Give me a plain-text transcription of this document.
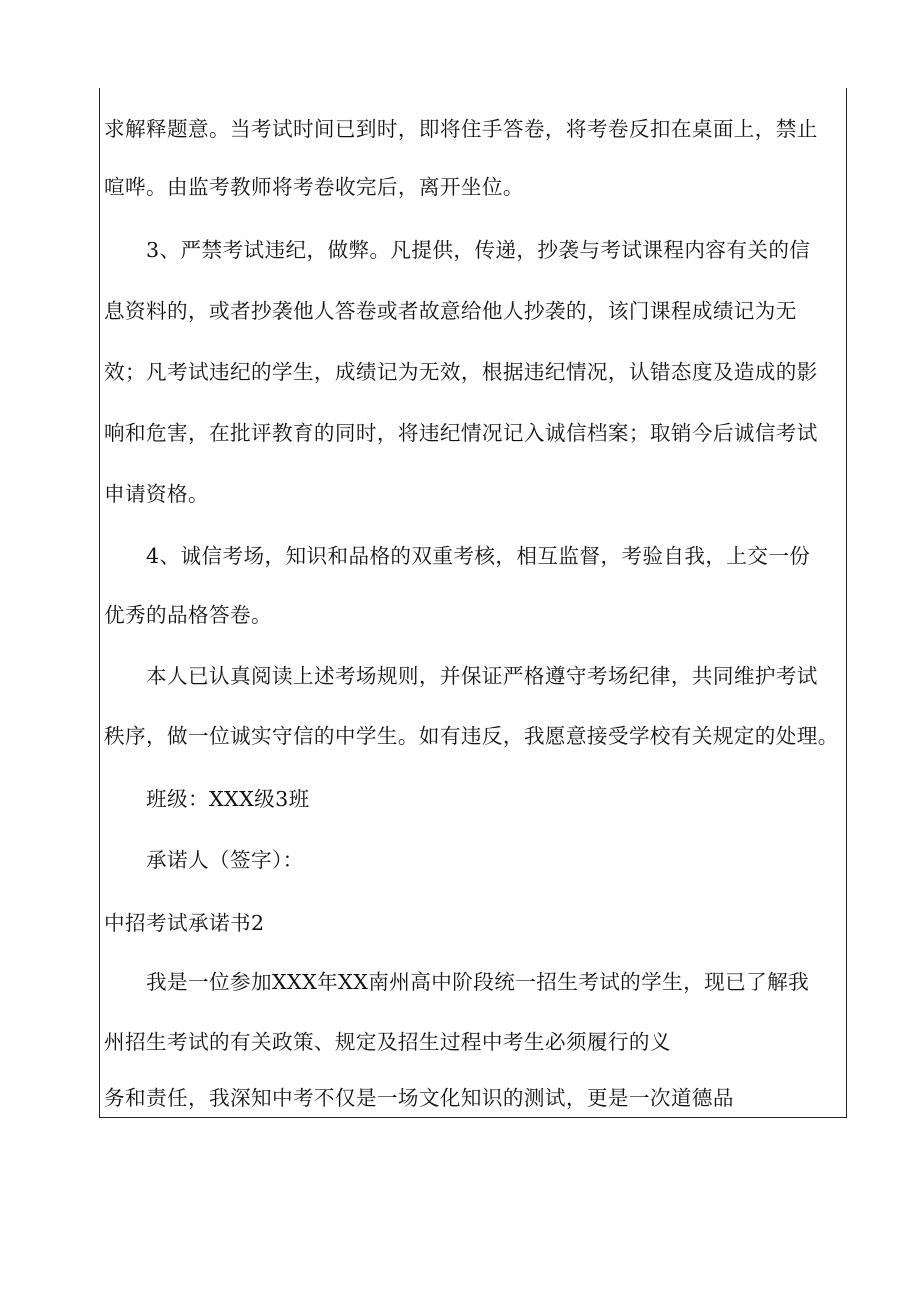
求解释题意。当考试时间已到时，即将住手答卷，将考卷反扣在桌面上，禁止
喧哗。由监考教师将考卷收完后，离开坐位。
3、严禁考试违纪，做弊。凡提供，传递，抄袭与考试课程内容有关的信
息资料的，或者抄袭他人答卷或者故意给他人抄袭的，该门课程成绩记为无
效；凡考试违纪的学生，成绩记为无效，根据违纪情况，认错态度及造成的影
响和危害，在批评教育的同时，将违纪情况记入诚信档案；取销今后诚信考试
申请资格。
4、诚信考场，知识和品格的双重考核，相互监督，考验自我，上交一份
优秀的品格答卷。
本人已认真阅读上述考场规则，并保证严格遵守考场纪律，共同维护考试
秩序，做一位诚实守信的中学生。如有违反，我愿意接受学校有关规定的处理。
班级：XXX级3班
承诺人（签字）：
中招考试承诺书2
我是一位参加XXX年XX南州高中阶段统一招生考试的学生，现已了解我
州招生考试的有关政策、规定及招生过程中考生必须履行的义
务和责任，我深知中考不仅是一场文化知识的测试，更是一次道德品
